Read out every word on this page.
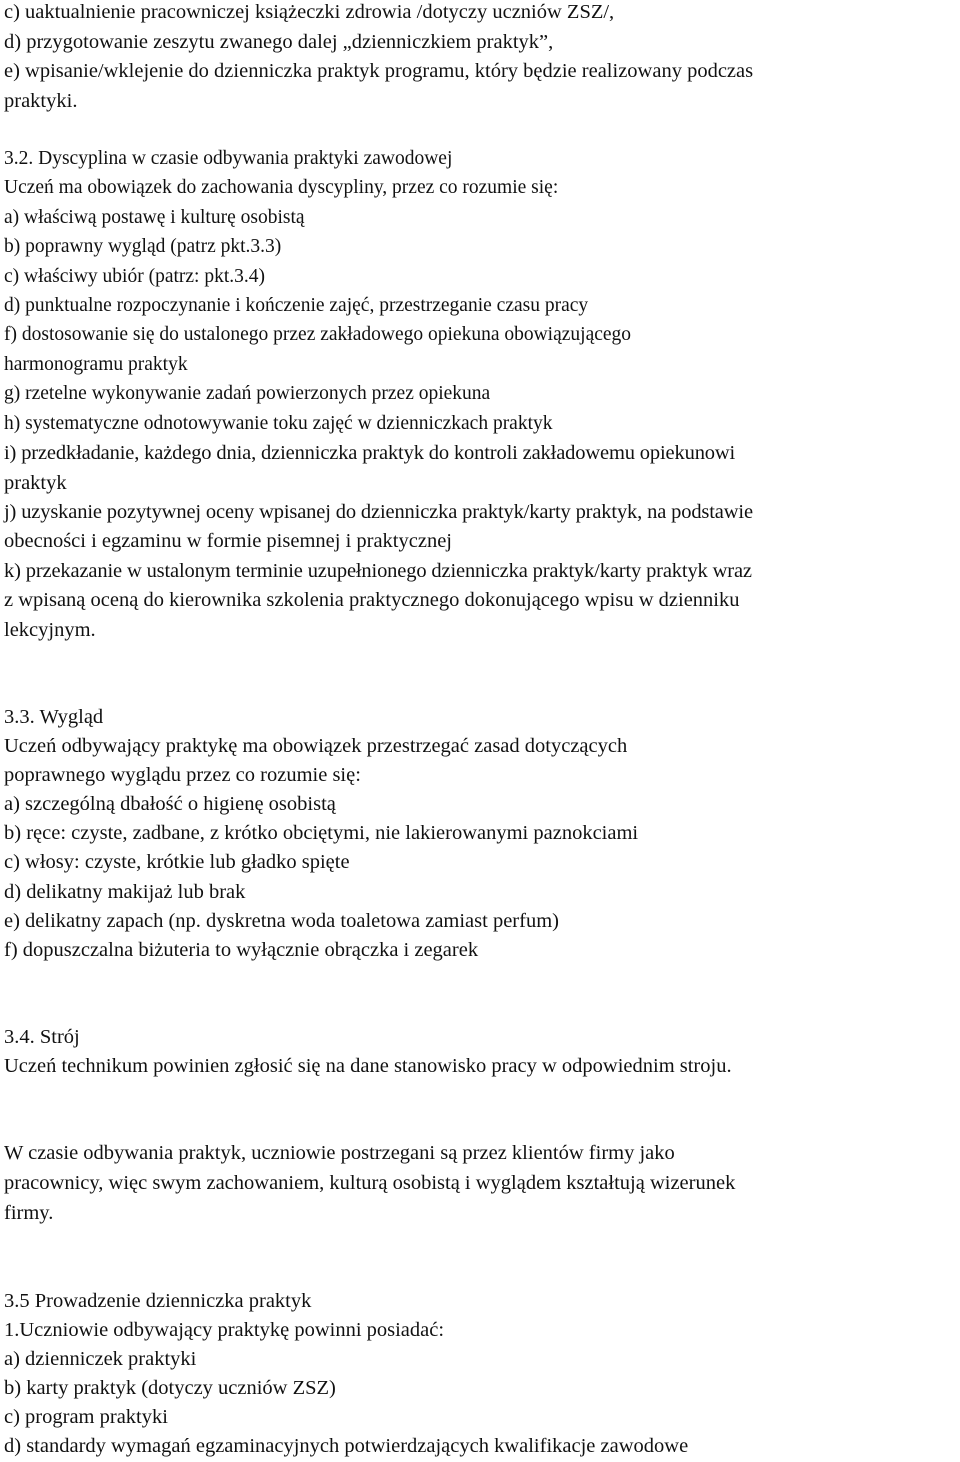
c) uaktualnienie pracowniczej książeczki zdrowia /dotyczy uczniów ZSZ/,

d) przygotowanie zeszytu zwanego dalej „dzienniczkiem praktyk”,

e) wpisanie/wklejenie do dzienniczka praktyk programu, który będzie realizowany podczas

praktyki.

3.2. Dyscyplina w czasie odbywania praktyki zawodowej

Uczeń ma obowiązek do zachowania dyscypliny, przez co rozumie się:

a) właściwą postawę i kulturę osobistą

b) poprawny wygląd (patrz pkt.3.3)

c) właściwy ubiór (patrz: pkt.3.4)

d) punktualne rozpoczynanie i kończenie zajęć, przestrzeganie czasu pracy

f) dostosowanie się do ustalonego przez zakładowego opiekuna obowiązującego

harmonogramu praktyk

g) rzetelne wykonywanie zadań powierzonych przez opiekuna

h) systematyczne odnotowywanie toku zajęć w dzienniczkach praktyk

i) przedkładanie, każdego dnia, dzienniczka praktyk do kontroli zakładowemu opiekunowi

praktyk

j) uzyskanie pozytywnej oceny wpisanej do dzienniczka praktyk/karty praktyk, na podstawie

obecności i egzaminu w formie pisemnej i praktycznej

k) przekazanie w ustalonym terminie uzupełnionego dzienniczka praktyk/karty praktyk wraz

z wpisaną oceną do kierownika szkolenia praktycznego dokonującego wpisu w dzienniku

lekcyjnym.

3.3. Wygląd

Uczeń odbywający praktykę ma obowiązek przestrzegać zasad dotyczących

poprawnego wyglądu przez co rozumie się:

a) szczególną dbałość o higienę osobistą

b) ręce: czyste, zadbane, z krótko obciętymi, nie lakierowanymi paznokciami

c) włosy: czyste, krótkie lub gładko spięte

d) delikatny makijaż lub brak

e) delikatny zapach (np. dyskretna woda toaletowa zamiast perfum)

f) dopuszczalna biżuteria to wyłącznie obrączka i zegarek

3.4. Strój

Uczeń technikum powinien zgłosić się na dane stanowisko pracy w odpowiednim stroju.

W czasie odbywania praktyk, uczniowie postrzegani są przez klientów firmy jako

pracownicy, więc swym zachowaniem, kulturą osobistą i wyglądem kształtują wizerunek

firmy.

3.5 Prowadzenie dzienniczka praktyk

1.Uczniowie odbywający praktykę powinni posiadać:

a) dzienniczek praktyki

b) karty praktyk (dotyczy uczniów ZSZ)

c) program praktyki

d) standardy wymagań egzaminacyjnych potwierdzających kwalifikacje zawodowe
